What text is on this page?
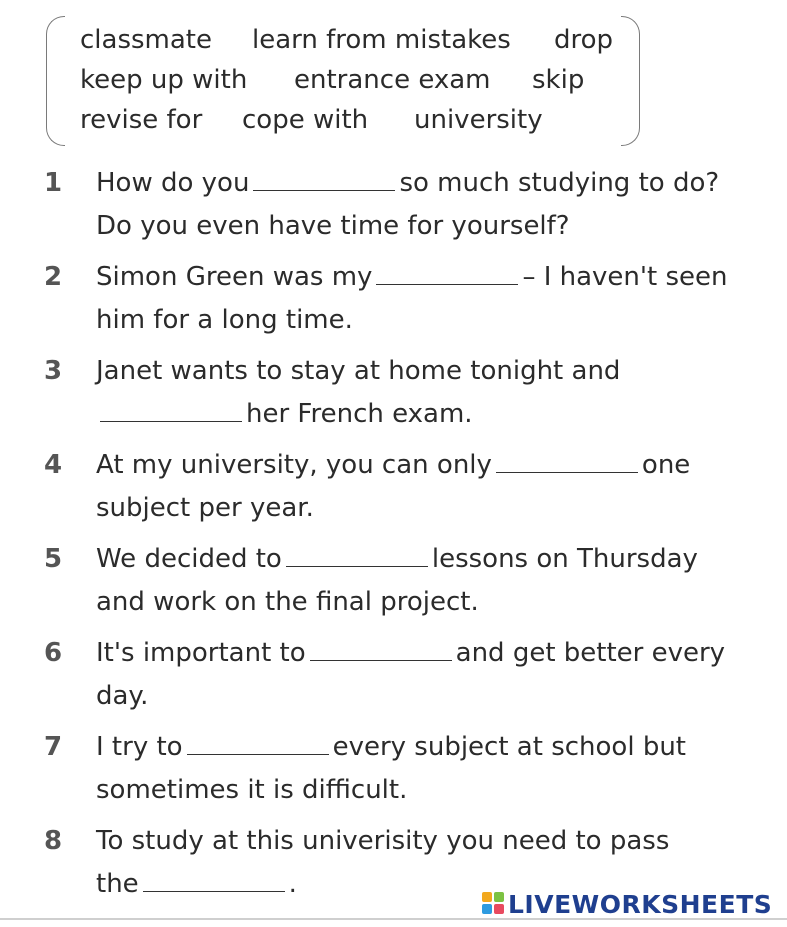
classmate learn from mistakes drop
keep up with entrance exam skip
revise for cope with university
1 How do you	so much studying to do?
Do you even have time for yourself?
2 Simon Green was my	– I haven't seen
him for a long time.
3 Janet wants to stay at home tonight and
her French exam.
4 At my university, you can only	one
subject per year.
5 We decided to	lessons on Thursday
and work on the final project.
6 It's important to	and get better every
day.
7 I try to	every subject at school but
sometimes it is difficult.
8 To study at this univerisity you need to pass
the	.
LIVEWORKSHEETS
